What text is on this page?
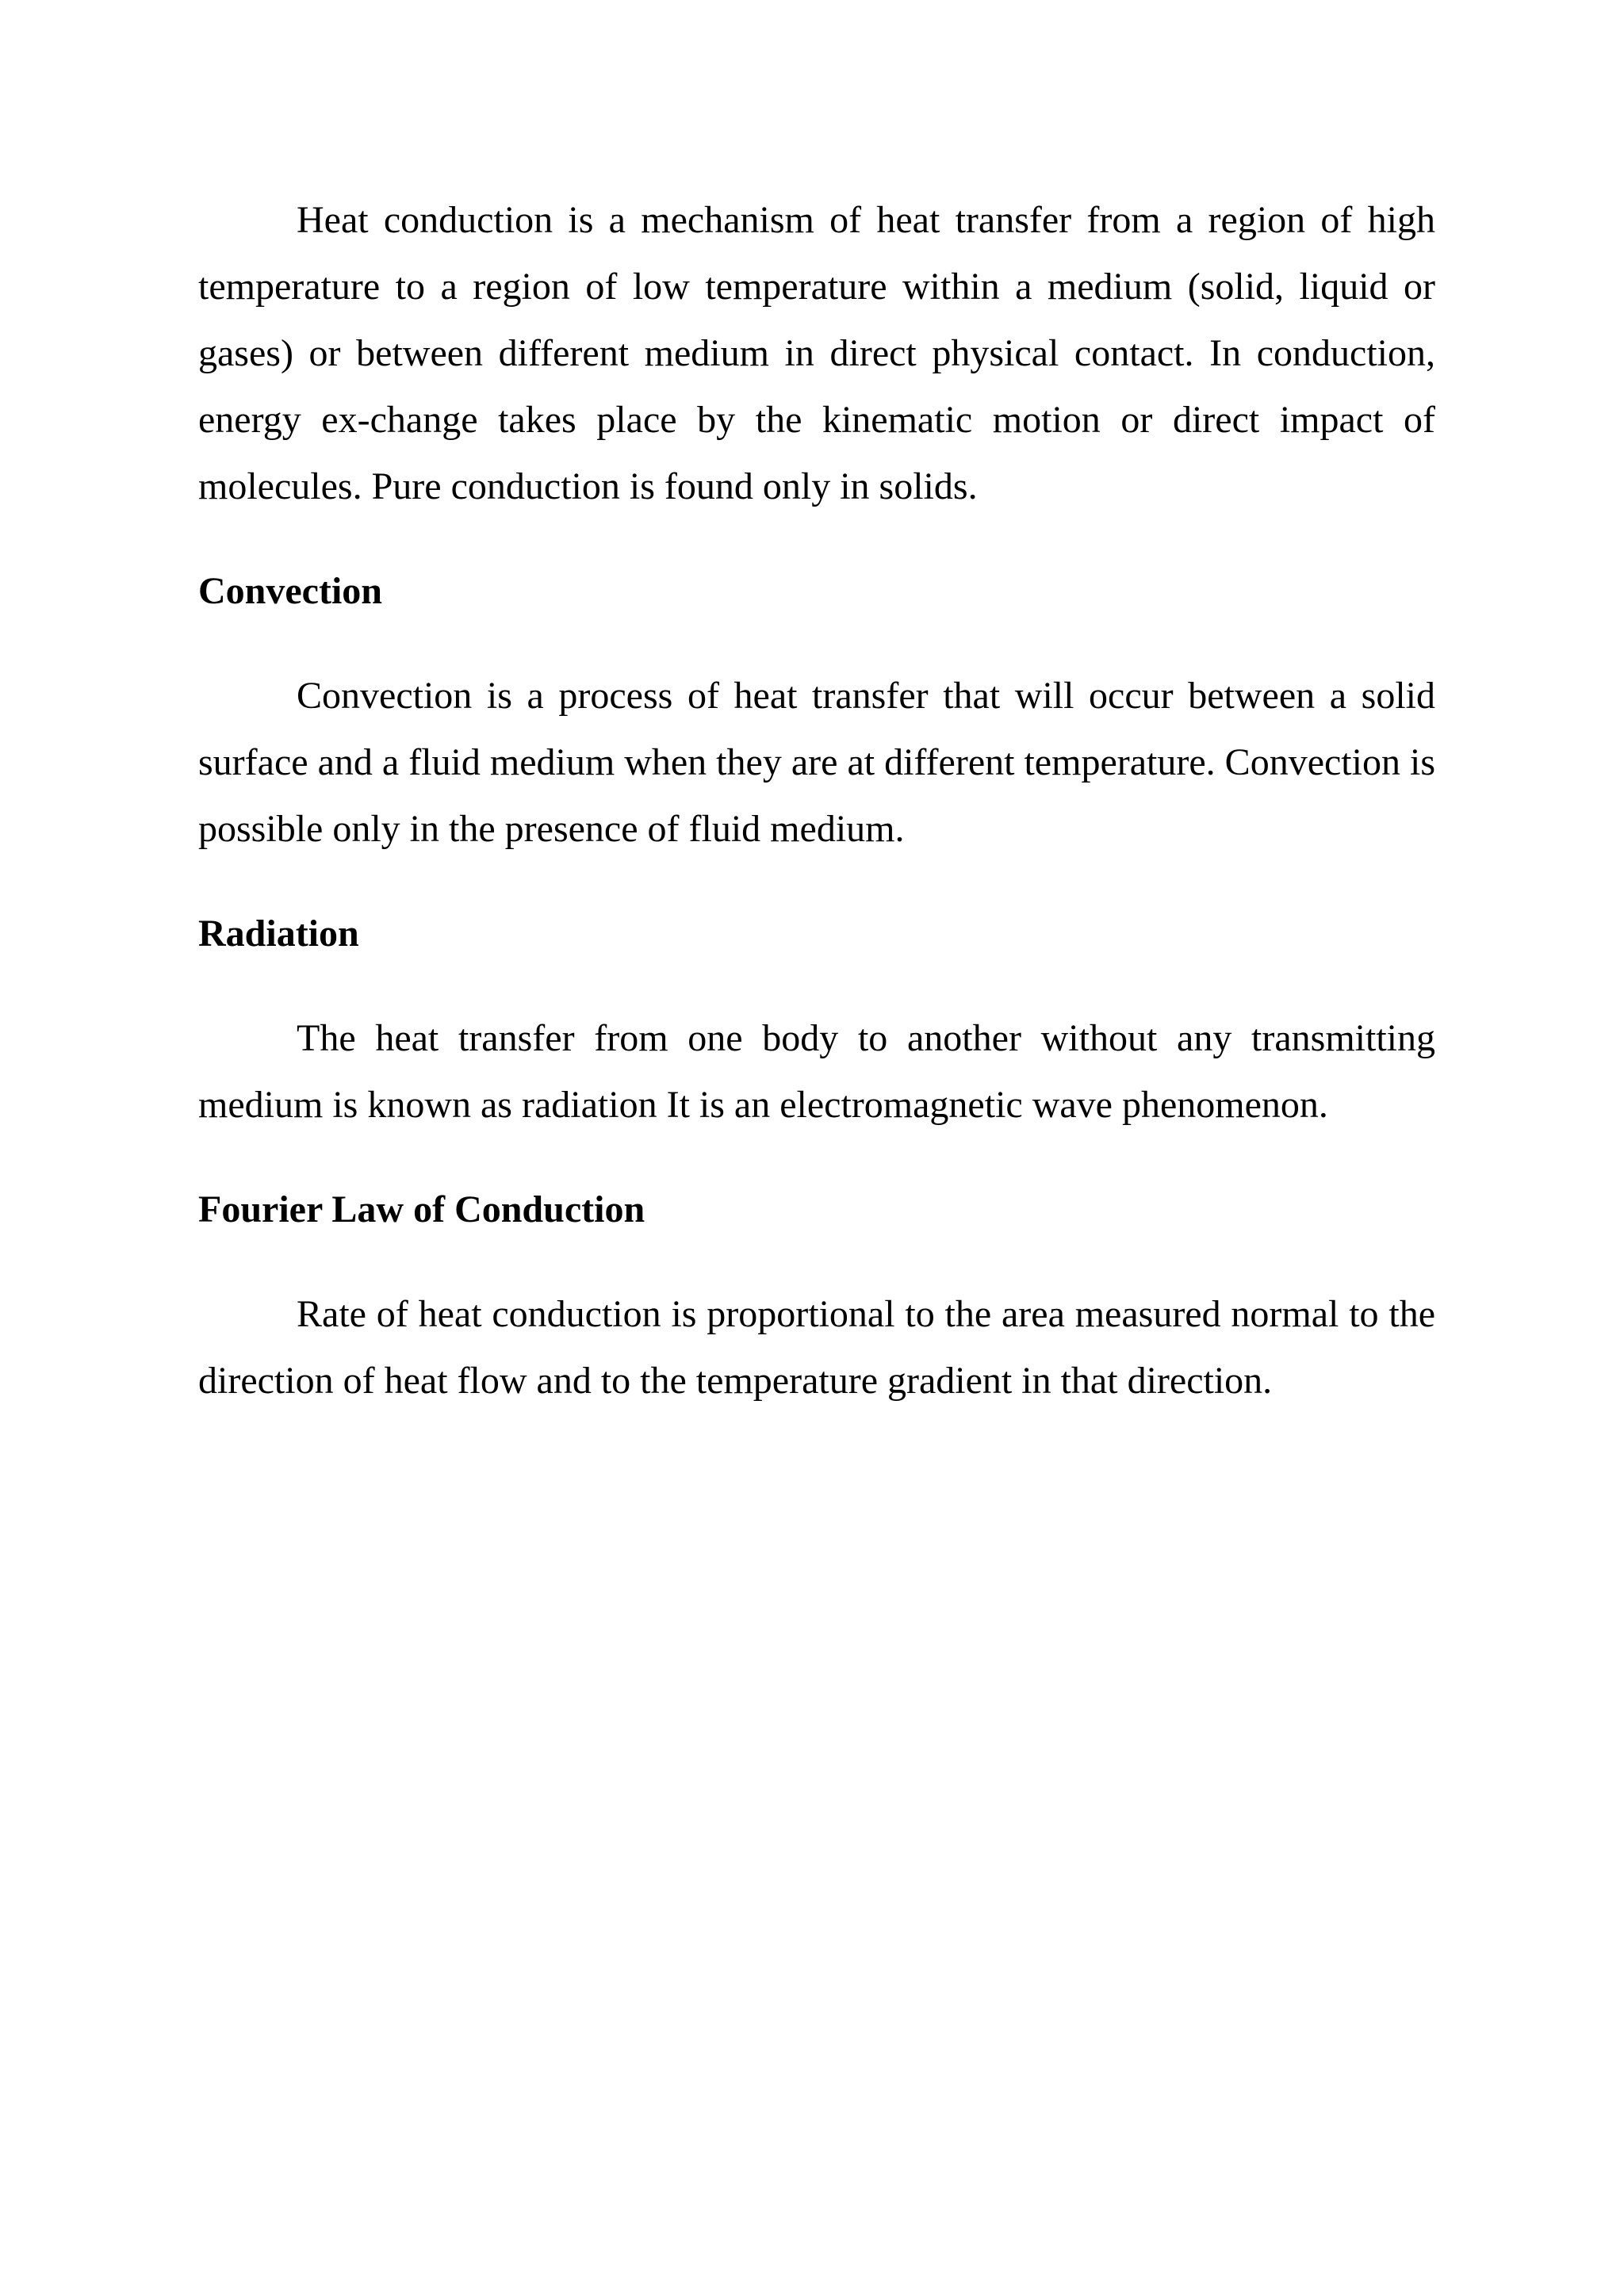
Heat conduction is a mechanism of heat transfer from a region of high temperature to a region of low temperature within a medium (solid, liquid or gases) or between different medium in direct physical contact. In conduction, energy ex-change takes place by the kinematic motion or direct impact of molecules. Pure conduction is found only in solids.

Convection

Convection is a process of heat transfer that will occur between a solid surface and a fluid medium when they are at different temperature. Convection is possible only in the presence of fluid medium.

Radiation

The heat transfer from one body to another without any transmitting medium is known as radiation It is an electromagnetic wave phenomenon.

Fourier Law of Conduction

Rate of heat conduction is proportional to the area measured normal to the direction of heat flow and to the temperature gradient in that direction.
